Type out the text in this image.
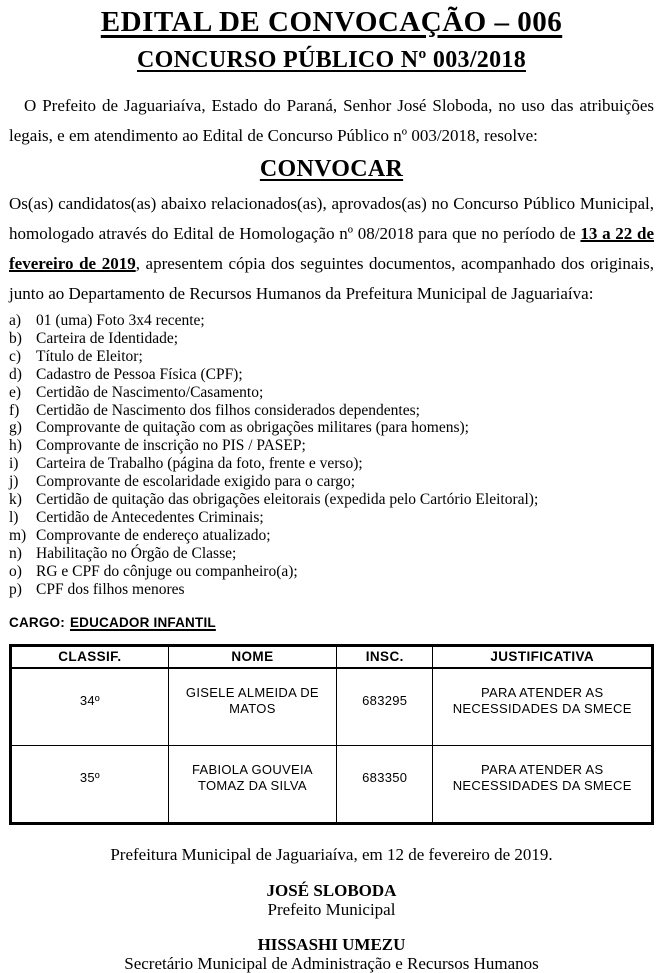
EDITAL DE CONVOCAÇÃO – 006
CONCURSO PÚBLICO Nº 003/2018

O Prefeito de Jaguariaíva, Estado do Paraná, Senhor José Sloboda, no uso das atribuições legais, e em atendimento ao Edital de Concurso Público nº 003/2018, resolve:

CONVOCAR

Os(as) candidatos(as) abaixo relacionados(as), aprovados(as) no Concurso Público Municipal, homologado através do Edital de Homologação nº 08/2018 para que no período de 13 a 22 de fevereiro de 2019, apresentem cópia dos seguintes documentos, acompanhado dos originais, junto ao Departamento de Recursos Humanos da Prefeitura Municipal de Jaguariaíva:

a) 01 (uma) Foto 3x4 recente;
b) Carteira de Identidade;
c) Título de Eleitor;
d) Cadastro de Pessoa Física (CPF);
e) Certidão de Nascimento/Casamento;
f)	Certidão de Nascimento dos filhos considerados dependentes;
g) Comprovante de quitação com as obrigações militares (para homens);
h) Comprovante de inscrição no PIS / PASEP;
i)	Carteira de Trabalho (página da foto, frente e verso);
j)	Comprovante de escolaridade exigido para o cargo;
k) Certidão de quitação das obrigações eleitorais (expedida pelo Cartório Eleitoral);
l)	Certidão de Antecedentes Criminais;
m) Comprovante de endereço atualizado;
n) Habilitação no Órgão de Classe;
o) RG e CPF do cônjuge ou companheiro(a);
p) CPF dos filhos menores
CARGO: EDUCADOR INFANTIL
CLASSIF.	NOME	INSC.	JUSTIFICATIVA
34º	GISELE ALMEIDA DE MATOS	683295	PARA ATENDER AS NECESSIDADES DA SMECE
35º	FABIOLA GOUVEIA TOMAZ DA SILVA	683350	PARA ATENDER AS NECESSIDADES DA SMECE

Prefeitura Municipal de Jaguariaíva, em 12 de fevereiro de 2019.

JOSÉ SLOBODA
Prefeito Municipal
HISSASHI UMEZU
Secretário Municipal de Administração e Recursos Humanos
